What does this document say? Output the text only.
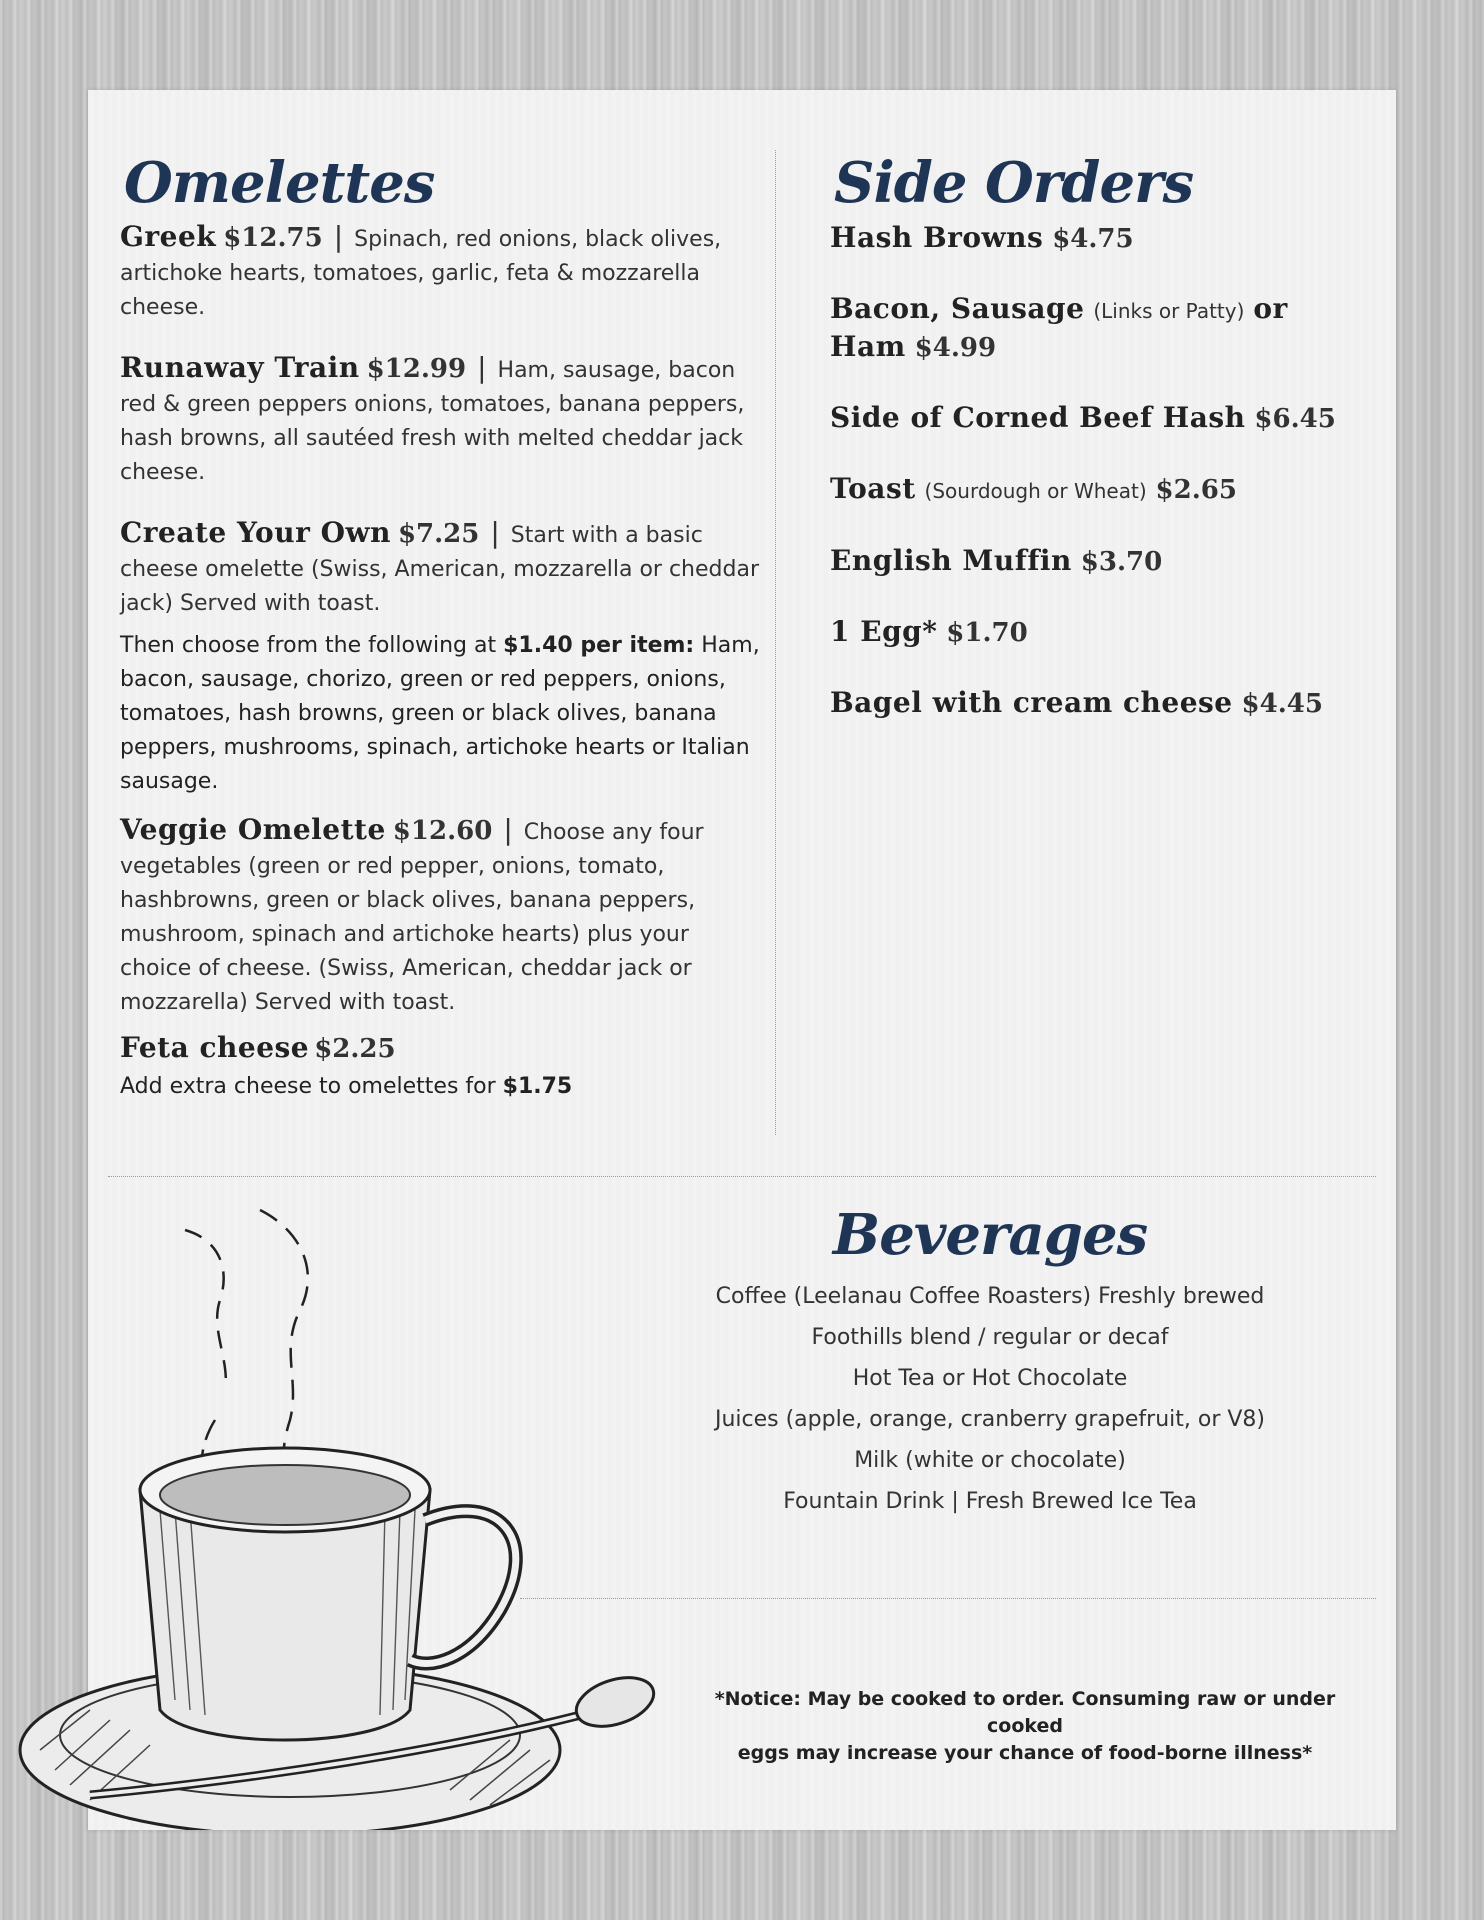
Omelettes
Greek $12.75 | Spinach, red onions, black olives, artichoke hearts, tomatoes, garlic, feta & mozzarella cheese.
Runaway Train $12.99 | Ham, sausage, bacon red & green peppers onions, tomatoes, banana peppers, hash browns, all sautéed fresh with melted cheddar jack cheese.
Create Your Own $7.25 | Start with a basic cheese omelette (Swiss, American, mozzarella or cheddar jack) Served with toast.
Then choose from the following at $1.40 per item: Ham, bacon, sausage, chorizo, green or red peppers, onions, tomatoes, hash browns, green or black olives, banana peppers, mushrooms, spinach, artichoke hearts or Italian sausage.
Veggie Omelette $12.60 | Choose any four vegetables (green or red pepper, onions, tomato, hashbrowns, green or black olives, banana peppers, mushroom, spinach and artichoke hearts) plus your choice of cheese. (Swiss, American, cheddar jack or mozzarella) Served with toast.
Feta cheese $2.25
Add extra cheese to omelettes for $1.75
Side Orders
Hash Browns $4.75
Bacon, Sausage (Links or Patty) or Ham $4.99
Side of Corned Beef Hash $6.45
Toast (Sourdough or Wheat) $2.65
English Muffin $3.70
1 Egg* $1.70
Bagel with cream cheese $4.45
Beverages
Coffee (Leelanau Coffee Roasters) Freshly brewed
Foothills blend / regular or decaf
Hot Tea or Hot Chocolate
Juices (apple, orange, cranberry grapefruit, or V8)
Milk (white or chocolate)
Fountain Drink | Fresh Brewed Ice Tea
*Notice: May be cooked to order. Consuming raw or under cooked
eggs may increase your chance of food-borne illness*
